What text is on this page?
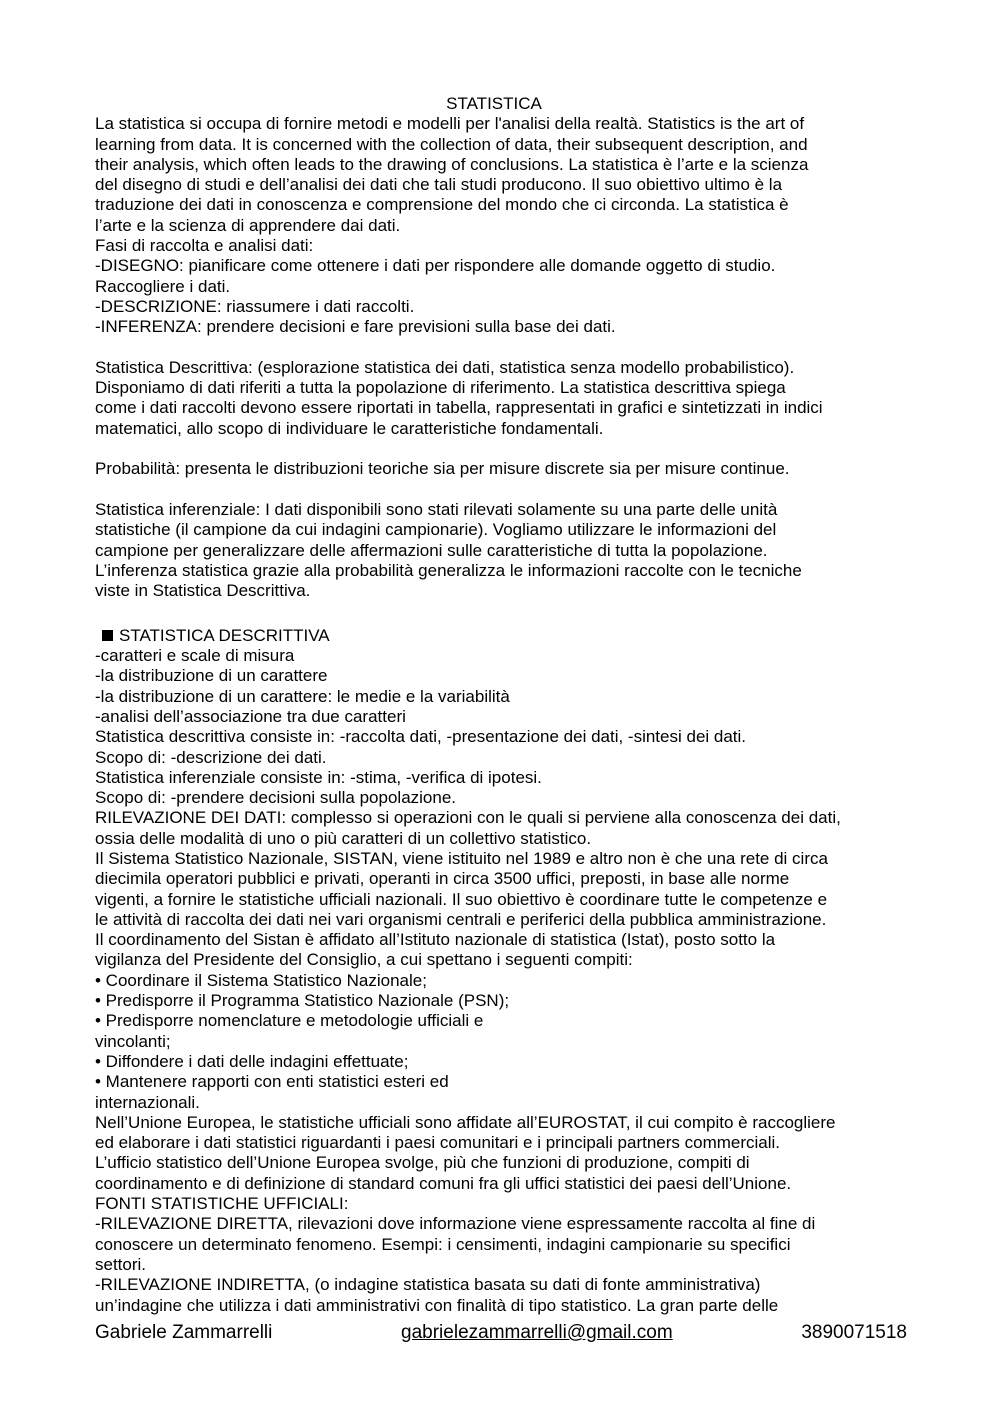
STATISTICA
La statistica si occupa di fornire metodi e modelli per l'analisi della realtà. Statistics is the art of
learning from data. It is concerned with the collection of data, their subsequent description, and
their analysis, which often leads to the drawing of conclusions. La statistica è l’arte e la scienza
del disegno di studi e dell’analisi dei dati che tali studi producono. Il suo obiettivo ultimo è la
traduzione dei dati in conoscenza e comprensione del mondo che ci circonda. La statistica è
l’arte e la scienza di apprendere dai dati.
Fasi di raccolta e analisi dati:
-DISEGNO: pianificare come ottenere i dati per rispondere alle domande oggetto di studio.
Raccogliere i dati.
-DESCRIZIONE: riassumere i dati raccolti.
-INFERENZA: prendere decisioni e fare previsioni sulla base dei dati.
Statistica Descrittiva: (esplorazione statistica dei dati, statistica senza modello probabilistico).
Disponiamo di dati riferiti a tutta la popolazione di riferimento. La statistica descrittiva spiega
come i dati raccolti devono essere riportati in tabella, rappresentati in grafici e sintetizzati in indici
matematici, allo scopo di individuare le caratteristiche fondamentali.
Probabilità: presenta le distribuzioni teoriche sia per misure discrete sia per misure continue.
Statistica inferenziale: I dati disponibili sono stati rilevati solamente su una parte delle unità
statistiche (il campione da cui indagini campionarie). Vogliamo utilizzare le informazioni del
campione per generalizzare delle affermazioni sulle caratteristiche di tutta la popolazione.
L’inferenza statistica grazie alla probabilità generalizza le informazioni raccolte con le tecniche
viste in Statistica Descrittiva.
STATISTICA DESCRITTIVA
-caratteri e scale di misura
-la distribuzione di un carattere
-la distribuzione di un carattere: le medie e la variabilità
-analisi dell’associazione tra due caratteri
Statistica descrittiva consiste in: -raccolta dati, -presentazione dei dati, -sintesi dei dati.
Scopo di: -descrizione dei dati.
Statistica inferenziale consiste in: -stima, -verifica di ipotesi.
Scopo di: -prendere decisioni sulla popolazione.
RILEVAZIONE DEI DATI: complesso si operazioni con le quali si perviene alla conoscenza dei dati,
ossia delle modalità di uno o più caratteri di un collettivo statistico.
Il Sistema Statistico Nazionale, SISTAN, viene istituito nel 1989 e altro non è che una rete di circa
diecimila operatori pubblici e privati, operanti in circa 3500 uffici, preposti, in base alle norme
vigenti, a fornire le statistiche ufficiali nazionali. Il suo obiettivo è coordinare tutte le competenze e
le attività di raccolta dei dati nei vari organismi centrali e periferici della pubblica amministrazione.
Il coordinamento del Sistan è affidato all’Istituto nazionale di statistica (Istat), posto sotto la
vigilanza del Presidente del Consiglio, a cui spettano i seguenti compiti:
• Coordinare il Sistema Statistico Nazionale;
• Predisporre il Programma Statistico Nazionale (PSN);
• Predisporre nomenclature e metodologie ufficiali e
vincolanti;
• Diffondere i dati delle indagini effettuate;
• Mantenere rapporti con enti statistici esteri ed
internazionali.
Nell’Unione Europea, le statistiche ufficiali sono affidate all’EUROSTAT, il cui compito è raccogliere
ed elaborare i dati statistici riguardanti i paesi comunitari e i principali partners commerciali.
L’ufficio statistico dell’Unione Europea svolge, più che funzioni di produzione, compiti di
coordinamento e di definizione di standard comuni fra gli uffici statistici dei paesi dell’Unione.
FONTI STATISTICHE UFFICIALI:
-RILEVAZIONE DIRETTA, rilevazioni dove informazione viene espressamente raccolta al fine di
conoscere un determinato fenomeno. Esempi: i censimenti, indagini campionarie su specifici
settori.
-RILEVAZIONE INDIRETTA, (o indagine statistica basata su dati di fonte amministrativa)
un’indagine che utilizza i dati amministrativi con finalità di tipo statistico. La gran parte delle
Gabriele Zammarrelli	gabrielezammarrelli@gmail.com	3890071518
